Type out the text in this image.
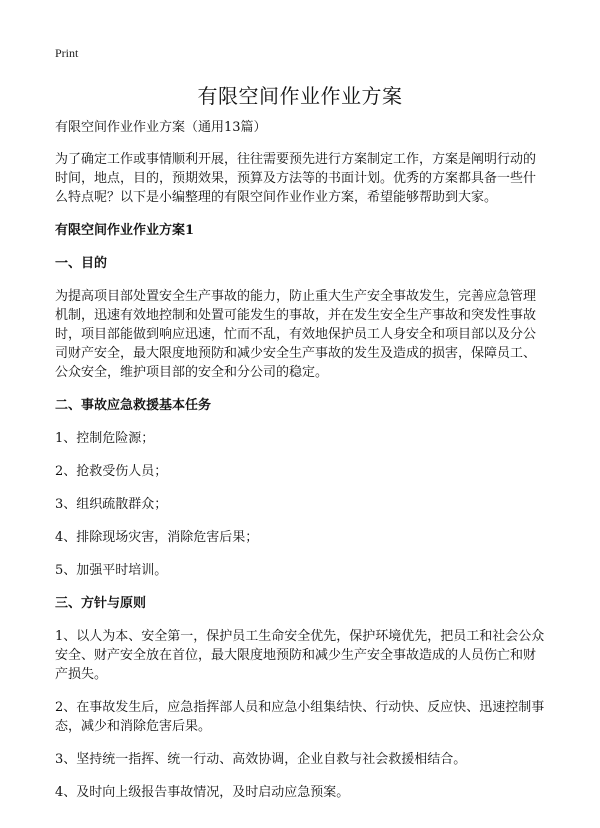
Print
有限空间作业作业方案
有限空间作业作业方案（通用13篇）
为了确定工作或事情顺利开展，往往需要预先进行方案制定工作，方案是阐明行动的时间，地点，目的，预期效果，预算及方法等的书面计划。优秀的方案都具备一些什么特点呢？以下是小编整理的有限空间作业作业方案，希望能够帮助到大家。
有限空间作业作业方案1
一、目的
为提高项目部处置安全生产事故的能力，防止重大生产安全事故发生，完善应急管理机制，迅速有效地控制和处置可能发生的事故，并在发生安全生产事故和突发性事故时，项目部能做到响应迅速，忙而不乱，有效地保护员工人身安全和项目部以及分公司财产安全，最大限度地预防和减少安全生产事故的发生及造成的损害，保障员工、公众安全，维护项目部的安全和分公司的稳定。
二、事故应急救援基本任务
1、控制危险源；
2、抢救受伤人员；
3、组织疏散群众；
4、排除现场灾害，消除危害后果；
5、加强平时培训。
三、方针与原则
1、以人为本、安全第一，保护员工生命安全优先，保护环境优先，把员工和社会公众安全、财产安全放在首位，最大限度地预防和减少生产安全事故造成的人员伤亡和财产损失。
2、在事故发生后，应急指挥部人员和应急小组集结快、行动快、反应快、迅速控制事态，减少和消除危害后果。
3、坚持统一指挥、统一行动、高效协调，企业自救与社会救援相结合。
4、及时向上级报告事故情况，及时启动应急预案。
